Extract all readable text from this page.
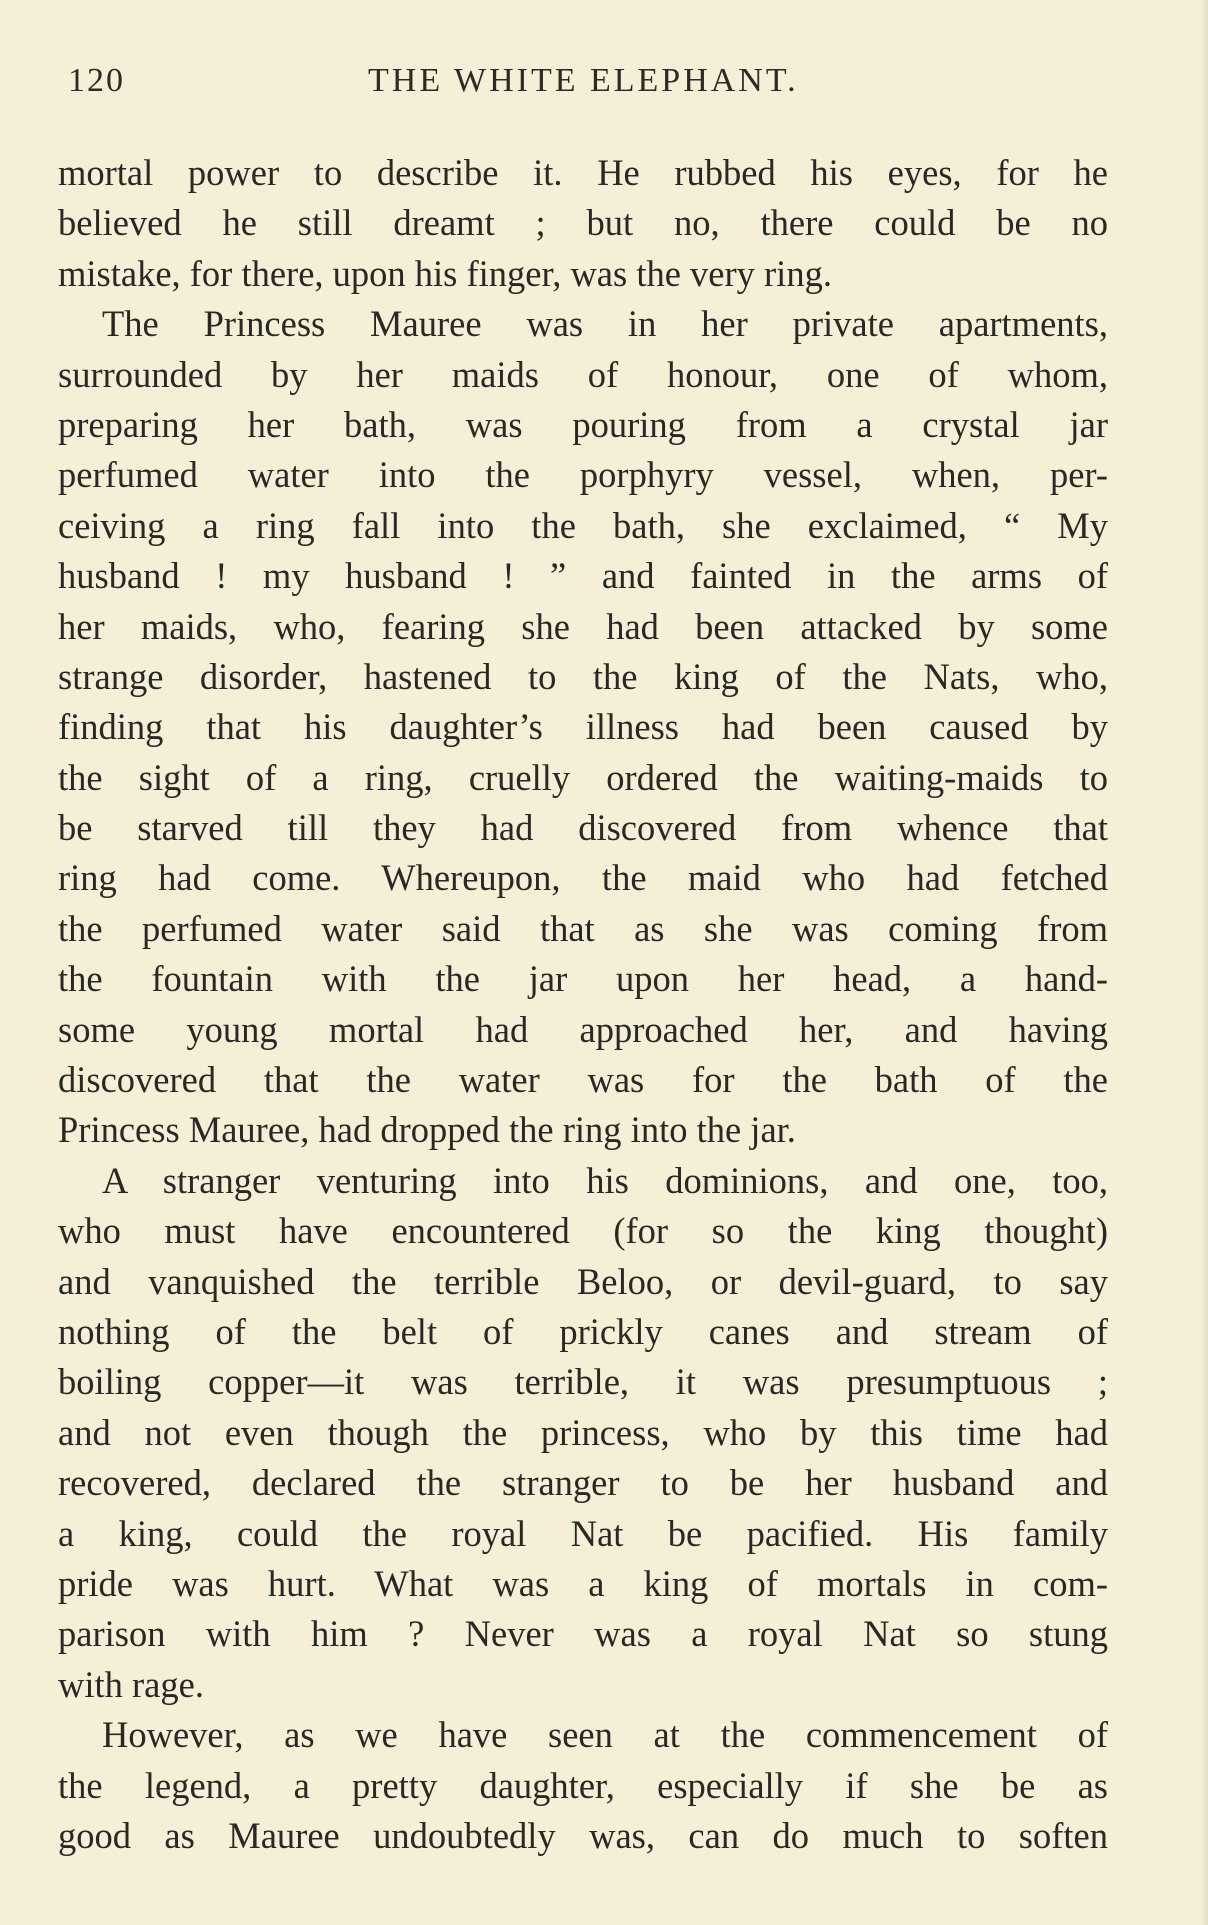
120	THE WHITE ELEPHANT.
mortal power to describe it. He rubbed his eyes, for he
believed he still dreamt ; but no, there could be no
mistake, for there, upon his finger, was the very ring.
The Princess Mauree was in her private apartments,
surrounded by her maids of honour, one of whom,
preparing her bath, was pouring from a crystal jar
perfumed water into the porphyry vessel, when, per-
ceiving a ring fall into the bath, she exclaimed, “ My
husband ! my husband ! ” and fainted in the arms of
her maids, who, fearing she had been attacked by some
strange disorder, hastened to the king of the Nats, who,
finding that his daughter’s illness had been caused by
the sight of a ring, cruelly ordered the waiting-maids to
be starved till they had discovered from whence that
ring had come. Whereupon, the maid who had fetched
the perfumed water said that as she was coming from
the fountain with the jar upon her head, a hand-
some young mortal had approached her, and having
discovered that the water was for the bath of the
Princess Mauree, had dropped the ring into the jar.
A stranger venturing into his dominions, and one, too,
who must have encountered (for so the king thought)
and vanquished the terrible Beloo, or devil-guard, to say
nothing of the belt of prickly canes and stream of
boiling copper—it was terrible, it was presumptuous ;
and not even though the princess, who by this time had
recovered, declared the stranger to be her husband and
a king, could the royal Nat be pacified. His family
pride was hurt. What was a king of mortals in com-
parison with him ? Never was a royal Nat so stung
with rage.
However, as we have seen at the commencement of
the legend, a pretty daughter, especially if she be as
good as Mauree undoubtedly was, can do much to soften
